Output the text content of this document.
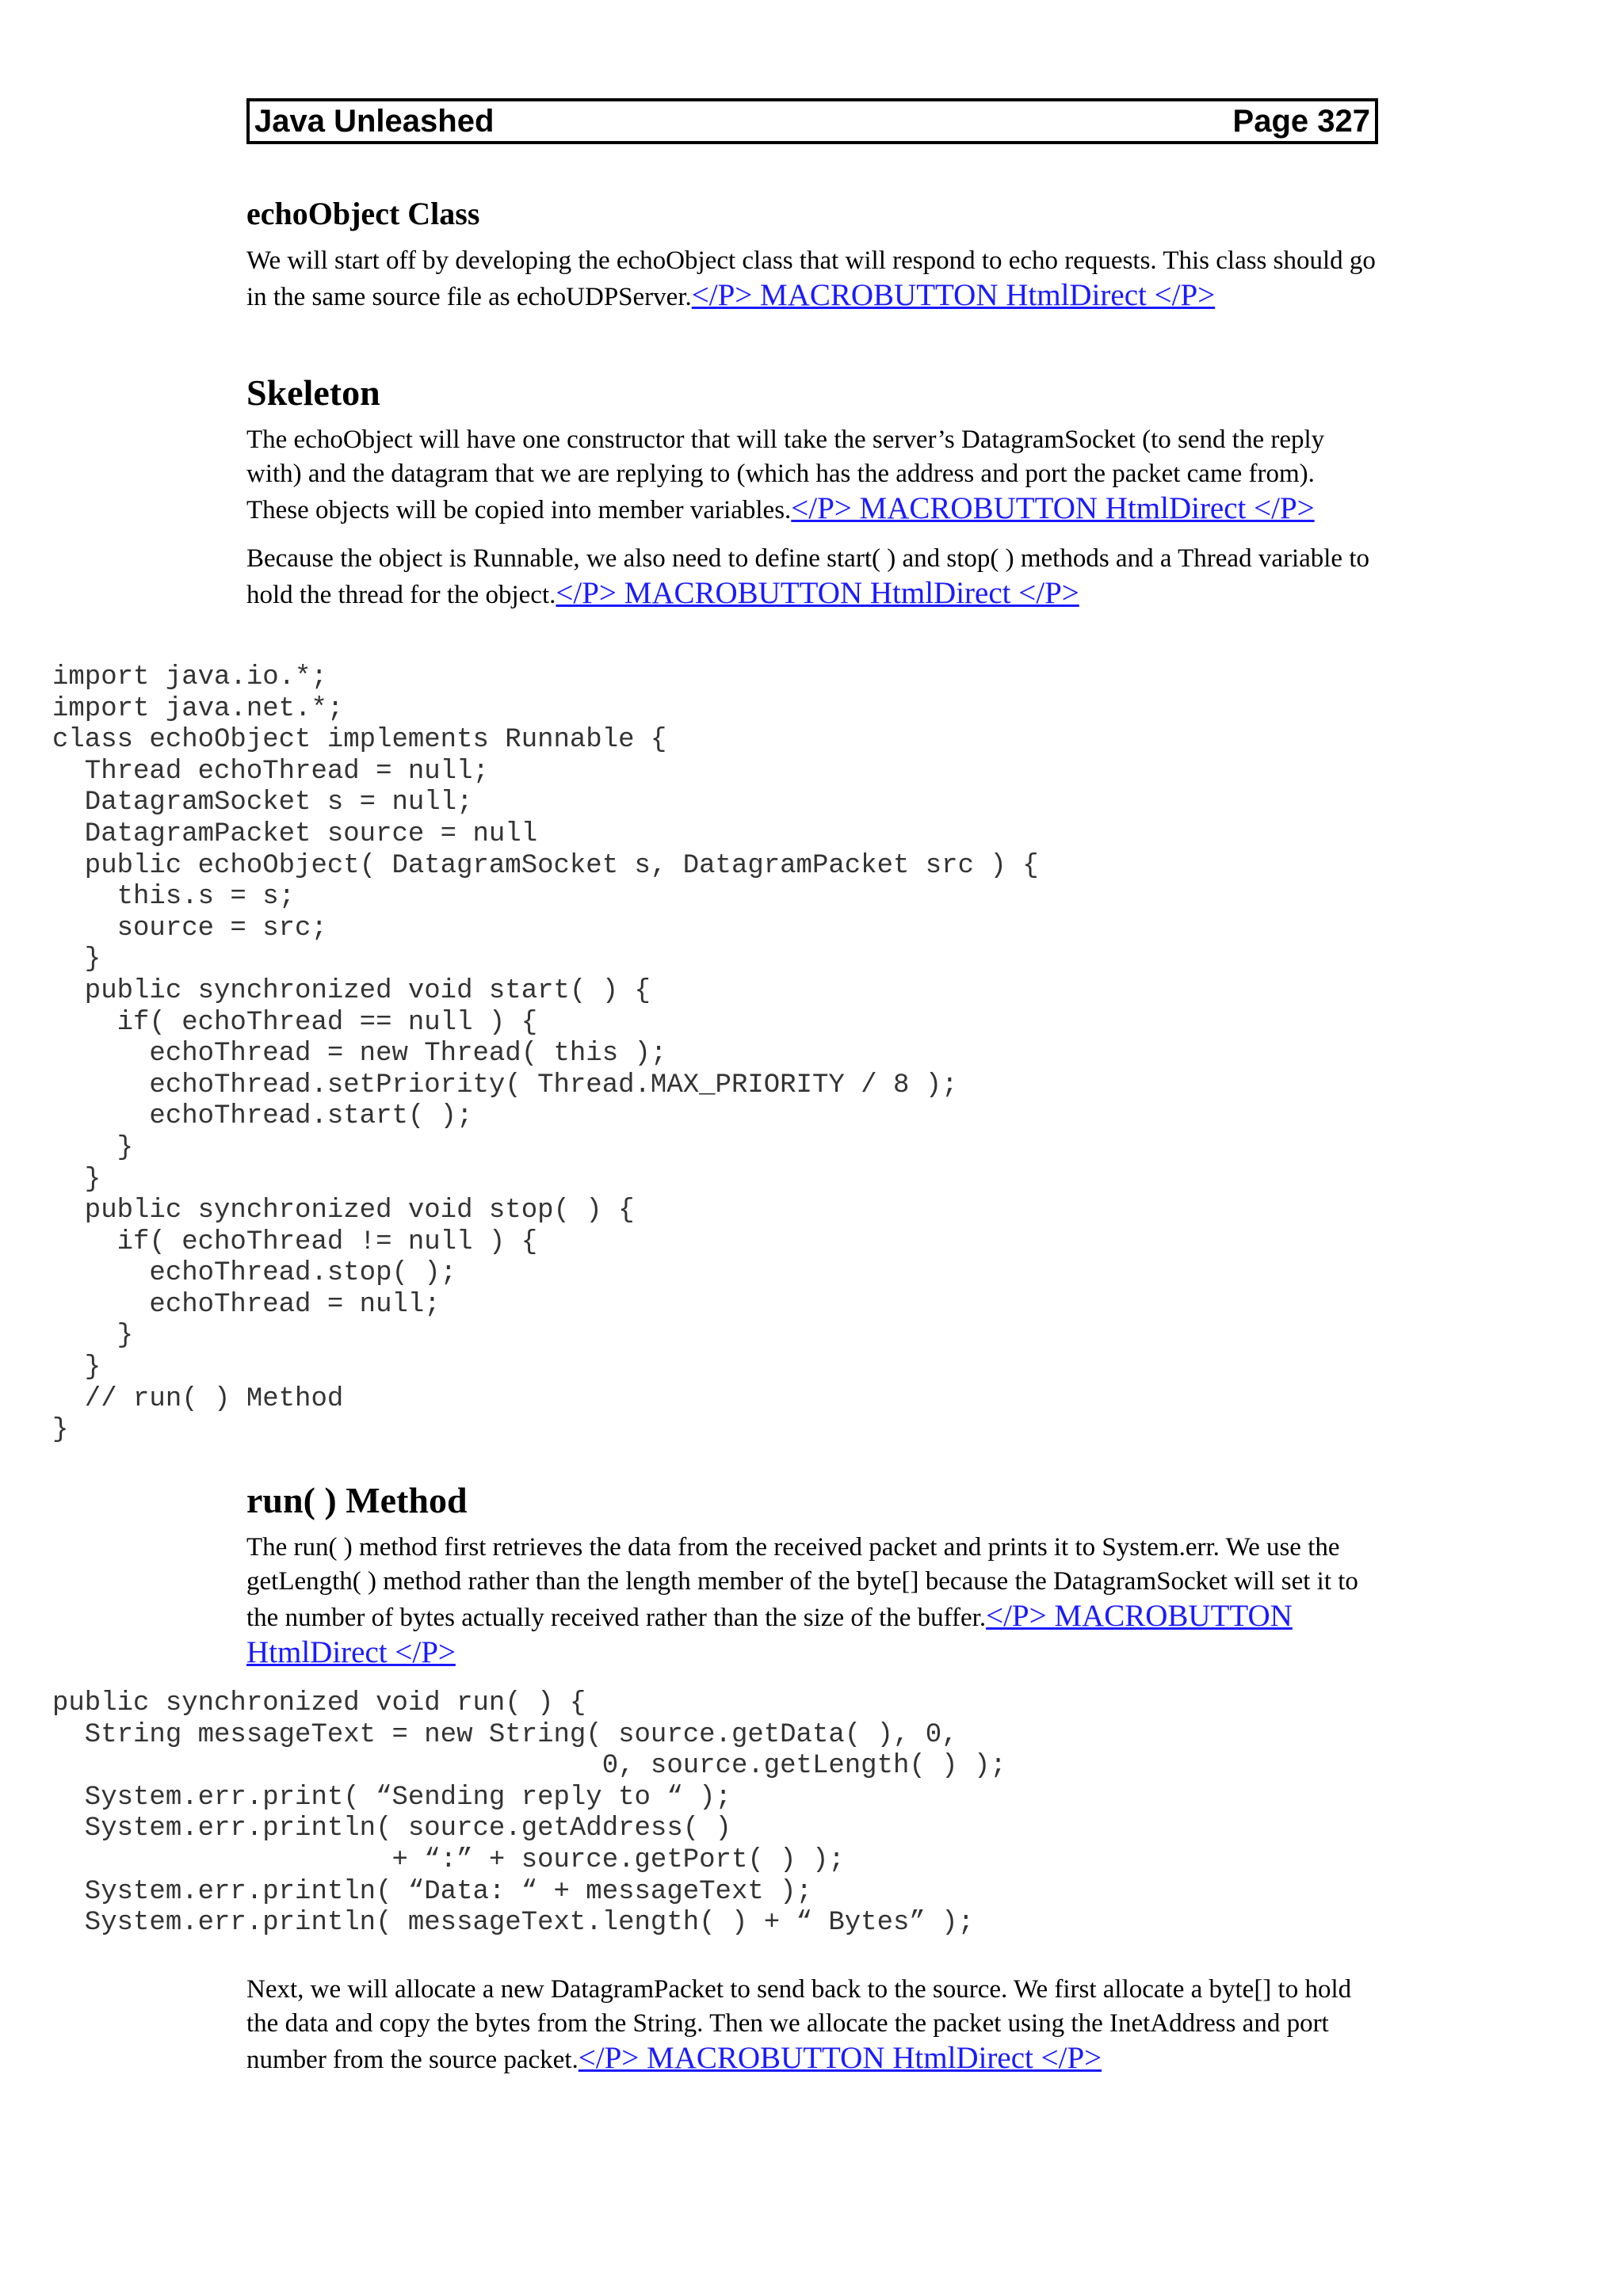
Java Unleashed	Page 327
echoObject Class

We will start off by developing the echoObject class that will respond to echo requests. This class should go in the same source file as echoUDPServer.</P> MACROBUTTON HtmlDirect </P>

Skeleton

The echoObject will have one constructor that will take the server’s DatagramSocket (to send the reply with) and the datagram that we are replying to (which has the address and port the packet came from). These objects will be copied into member variables.</P> MACROBUTTON HtmlDirect </P>

Because the object is Runnable, we also need to define start( ) and stop( ) methods and a Thread variable to hold the thread for the object.</P> MACROBUTTON HtmlDirect </P>

import java.io.*;
import java.net.*;
class echoObject implements Runnable {
Thread echoThread = null;
DatagramSocket s = null;
DatagramPacket source = null
public echoObject( DatagramSocket s, DatagramPacket src ) {
this.s = s;
source = src;
}
public synchronized void start( ) {
if( echoThread == null ) {
echoThread = new Thread( this );
echoThread.setPriority( Thread.MAX_PRIORITY / 8 );
echoThread.start( );
}
}
public synchronized void stop( ) {
if( echoThread != null ) {
echoThread.stop( );
echoThread = null;
}
}
// run( ) Method
}
run( ) Method

The run( ) method first retrieves the data from the received packet and prints it to System.err. We use the getLength( ) method rather than the length member of the byte[] because the DatagramSocket will set it to the number of bytes actually received rather than the size of the buffer.</P> MACROBUTTON HtmlDirect </P>

public synchronized void run( ) {
String messageText = new String( source.getData( ), 0,
0, source.getLength( ) );
System.err.print( “Sending reply to “ );
System.err.println( source.getAddress( )
+ “:” + source.getPort( ) );
System.err.println( “Data: “ + messageText );
System.err.println( messageText.length( ) + “ Bytes” );

Next, we will allocate a new DatagramPacket to send back to the source. We first allocate a byte[] to hold the data and copy the bytes from the String. Then we allocate the packet using the InetAddress and port number from the source packet.</P> MACROBUTTON HtmlDirect </P>
